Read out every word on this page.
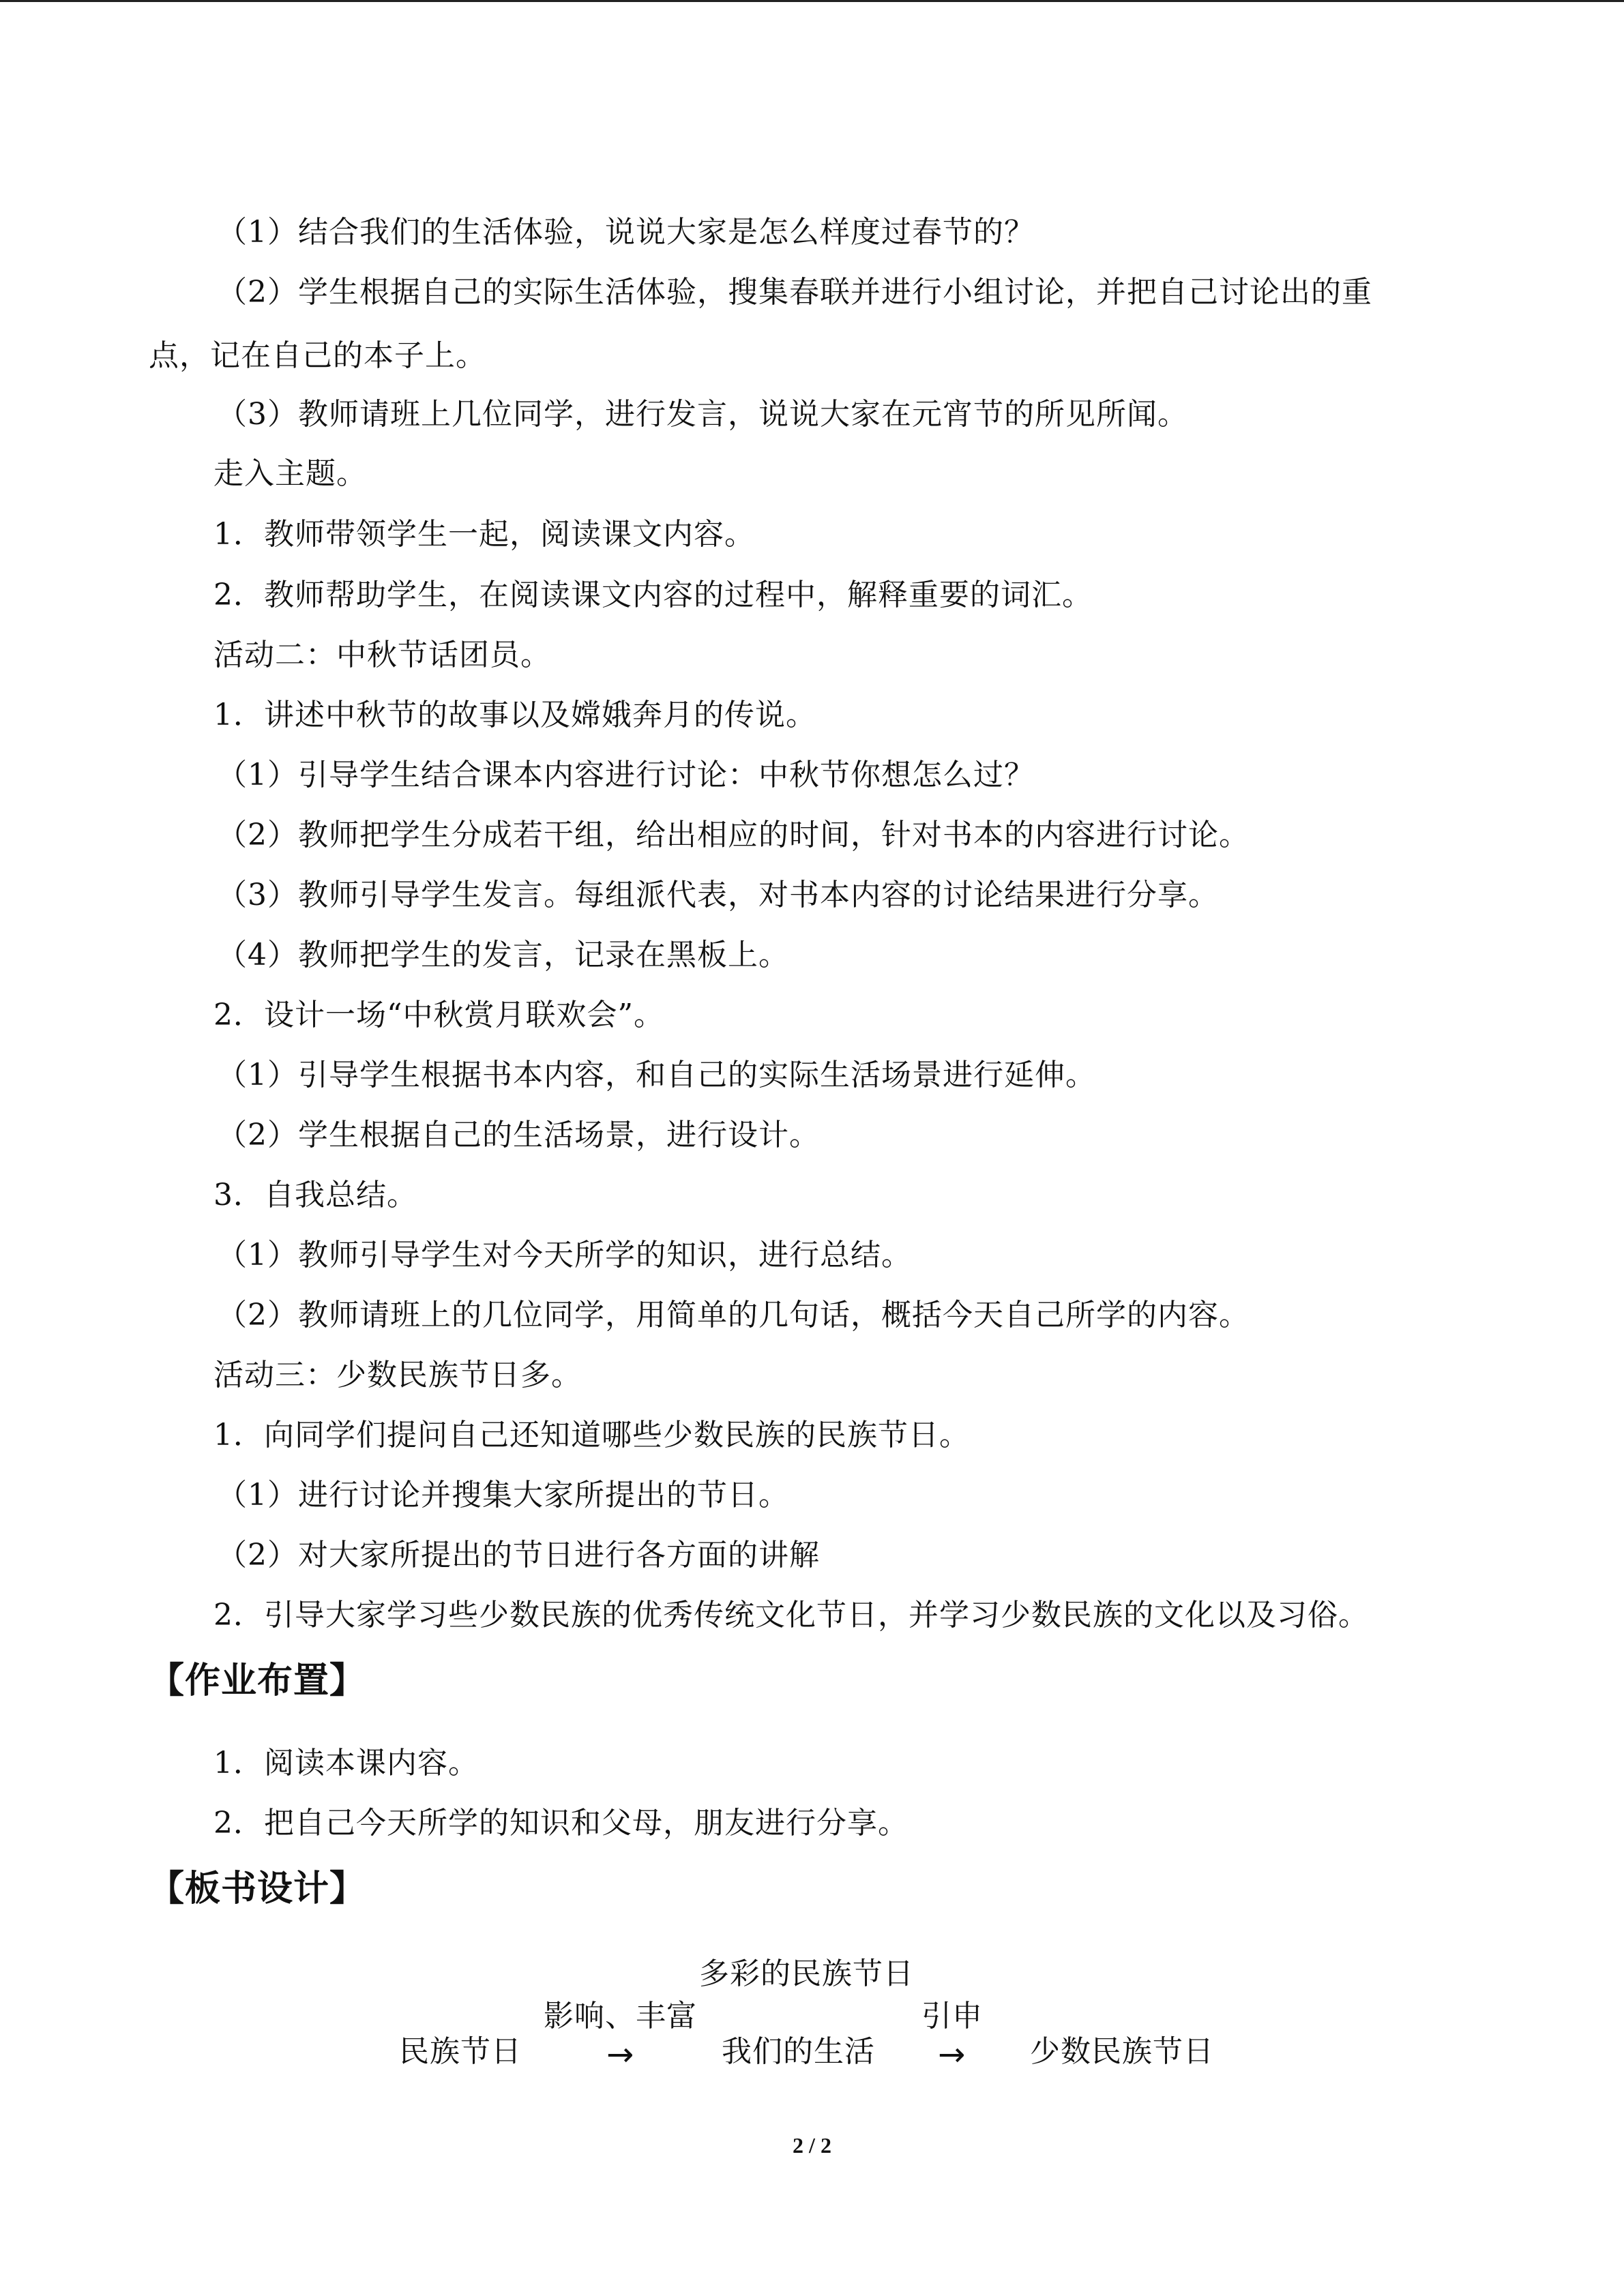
（1）结合我们的生活体验，说说大家是怎么样度过春节的？
（2）学生根据自己的实际生活体验，搜集春联并进行小组讨论，并把自己讨论出的重
点，记在自己的本子上。
（3）教师请班上几位同学，进行发言，说说大家在元宵节的所见所闻。
走入主题。
1．教师带领学生一起，阅读课文内容。
2．教师帮助学生，在阅读课文内容的过程中，解释重要的词汇。
活动二：中秋节话团员。
1．讲述中秋节的故事以及嫦娥奔月的传说。
（1）引导学生结合课本内容进行讨论：中秋节你想怎么过？
（2）教师把学生分成若干组，给出相应的时间，针对书本的内容进行讨论。
（3）教师引导学生发言。每组派代表，对书本内容的讨论结果进行分享。
（4）教师把学生的发言，记录在黑板上。
2．设计一场“中秋赏月联欢会”。
（1）引导学生根据书本内容，和自己的实际生活场景进行延伸。
（2）学生根据自己的生活场景，进行设计。
3．自我总结。
（1）教师引导学生对今天所学的知识，进行总结。
（2）教师请班上的几位同学，用简单的几句话，概括今天自己所学的内容。
活动三：少数民族节日多。
1．向同学们提问自己还知道哪些少数民族的民族节日。
（1）进行讨论并搜集大家所提出的节日。
（2）对大家所提出的节日进行各方面的讲解
2．引导大家学习些少数民族的优秀传统文化节日，并学习少数民族的文化以及习俗。
【作业布置】
1．阅读本课内容。
2．把自己今天所学的知识和父母，朋友进行分享。
【板书设计】
多彩的民族节日
影响、丰富	引申
民族节日	→	我们的生活 → 少数民族节日
2 / 2
